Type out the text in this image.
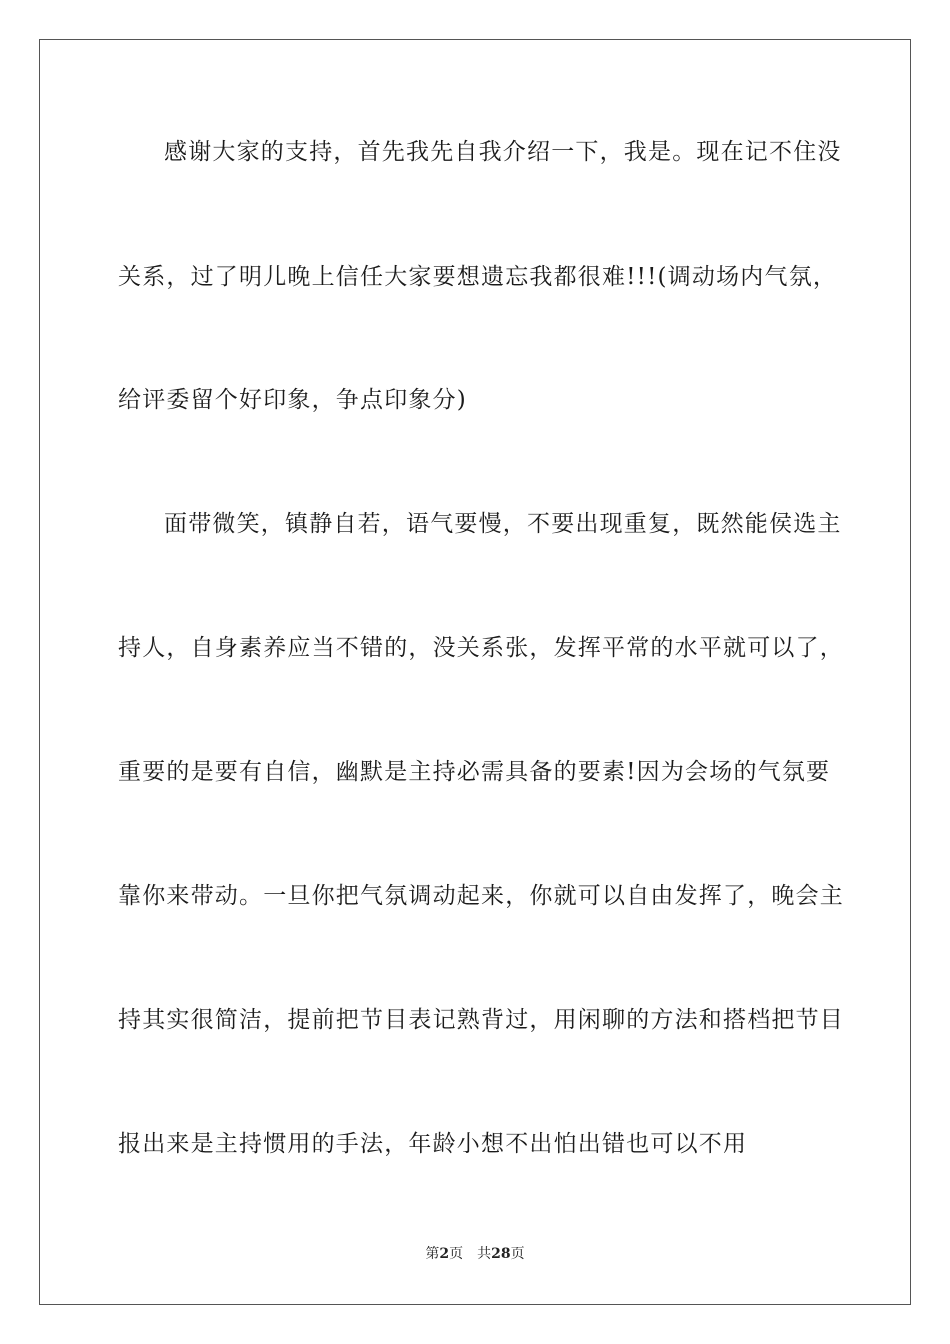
感谢大家的支持，首先我先自我介绍一下，我是。现在记不住没
关系，过了明儿晚上信任大家要想遗忘我都很难!!!(调动场内气氛，
给评委留个好印象，争点印象分)
面带微笑，镇静自若，语气要慢，不要出现重复，既然能侯选主
持人，自身素养应当不错的，没关系张，发挥平常的水平就可以了，
重要的是要有自信，幽默是主持必需具备的要素!因为会场的气氛要
靠你来带动。一旦你把气氛调动起来，你就可以自由发挥了，晚会主
持其实很简洁，提前把节目表记熟背过，用闲聊的方法和搭档把节目
报出来是主持惯用的手法，年龄小想不出怕出错也可以不用
第2页 共28页
